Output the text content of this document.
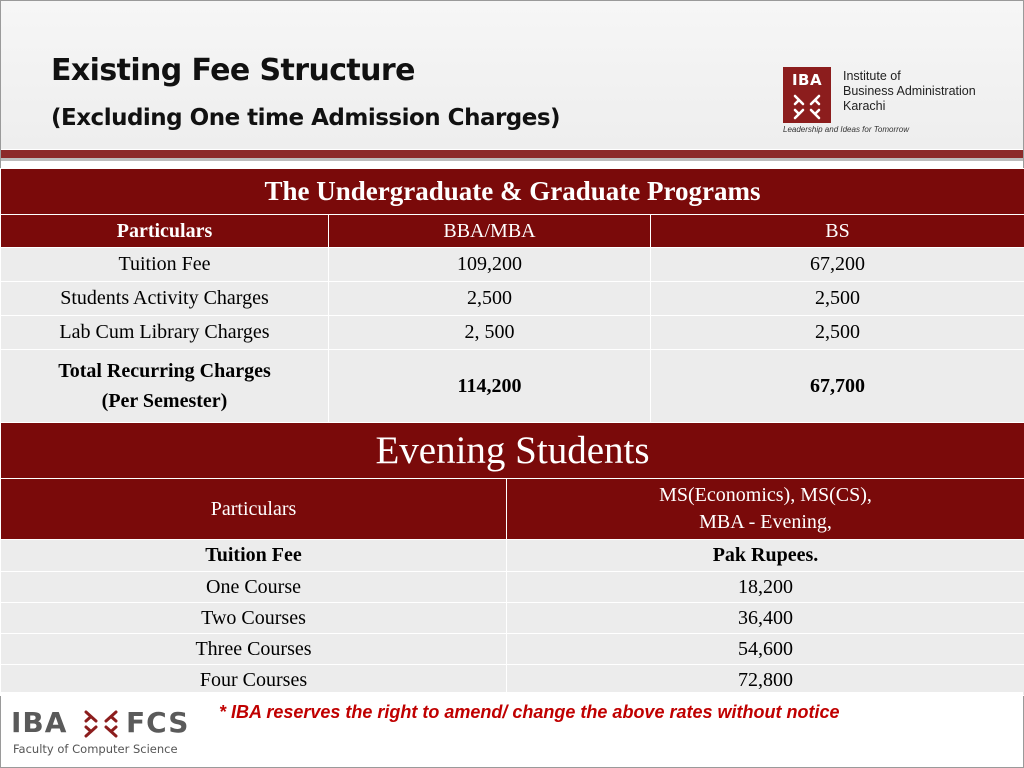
Existing Fee Structure
(Excluding One time Admission Charges)
IBA Institute of
Business Administration
Karachi
Leadership and Ideas for Tomorrow
The Undergraduate & Graduate Programs		
Particulars	BBA/MBA	BS
Tuition Fee	109,200	67,200
Students Activity Charges	2,500	2,500
Lab Cum Library Charges	2, 500	2,500
Total Recurring Charges
(Per Semester)	114,200	67,700
Evening Students	
Particulars	MS(Economics), MS(CS),
MBA - Evening,
Tuition Fee	Pak Rupees.
One Course	18,200
Two Courses	36,400
Three Courses	54,600
Four Courses	72,800
IBA FCS
Faculty of Computer Science
* IBA reserves the right to amend/ change the above rates without notice
